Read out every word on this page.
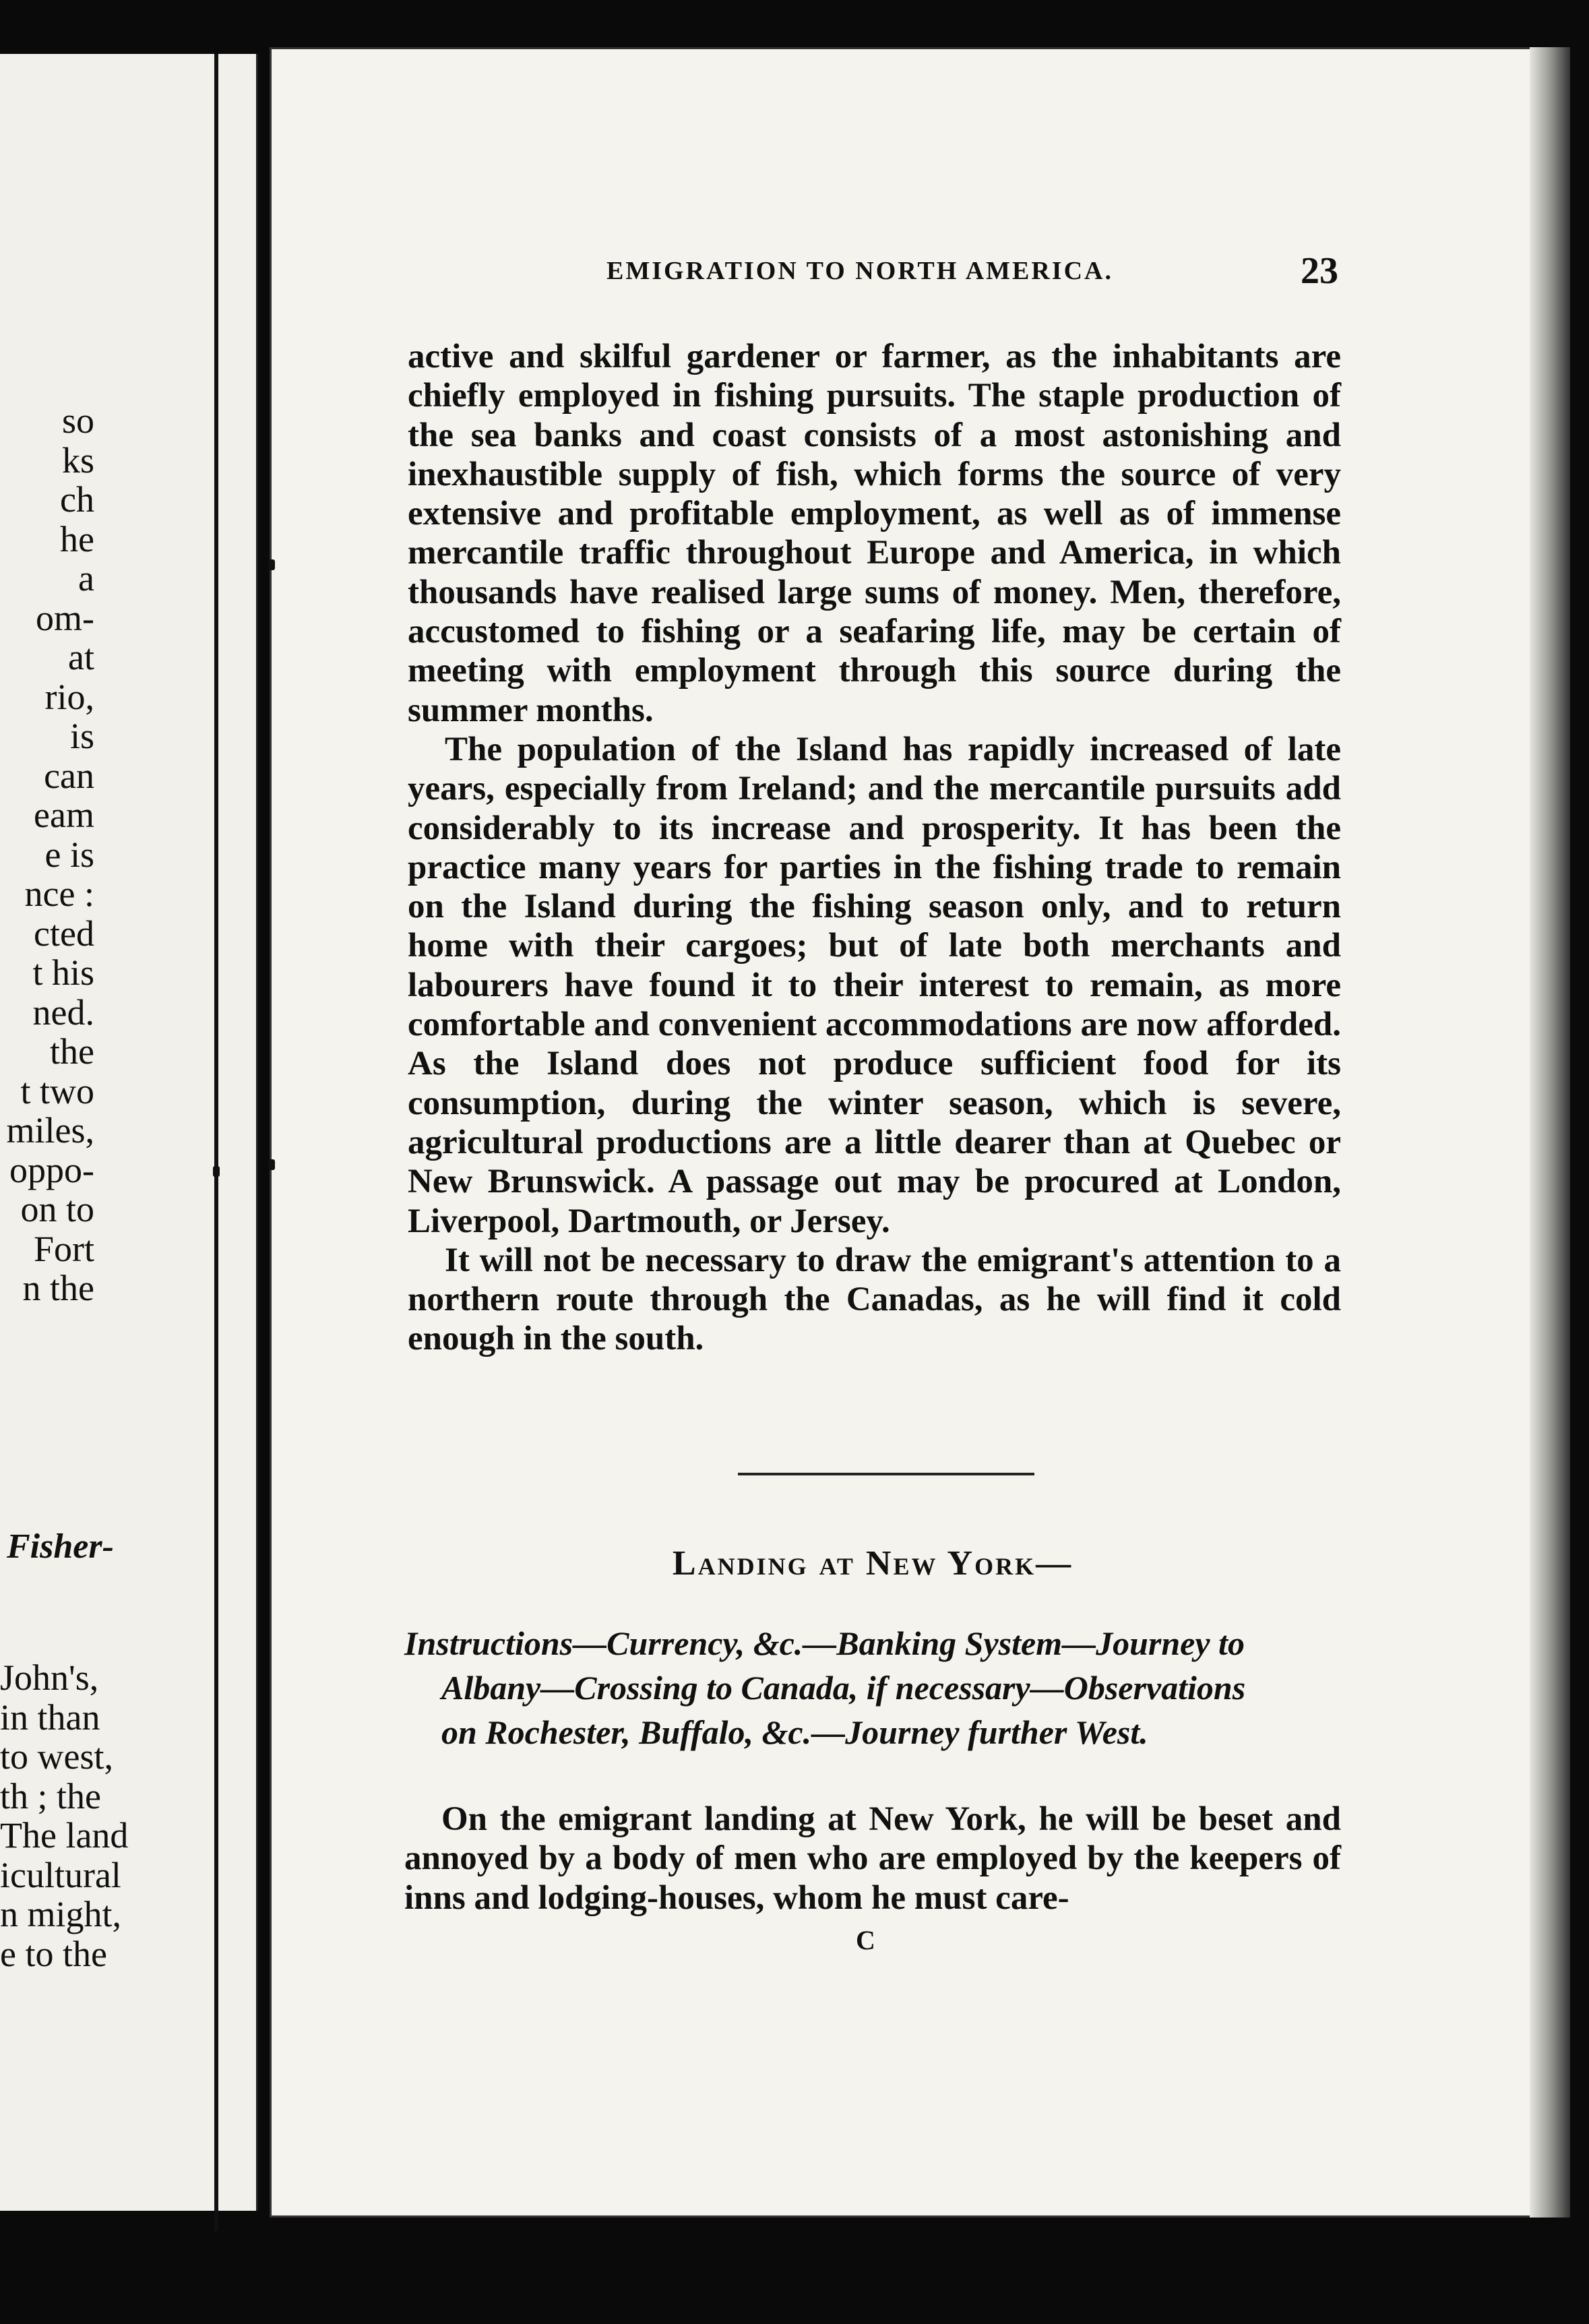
so
ks
ch
he
a
om-
at
rio,
is
can
eam
e is
nce :
cted
t his
ned.
the
t two
miles,
oppo-
on to
Fort
n the
Fisher-
John's,
in than
to west,
th ; the
The land
icultural
n might,
e to the
EMIGRATION TO NORTH AMERICA.	23

active and skilful gardener or farmer, as the inhabitants are chiefly employed in fishing pursuits. The staple production of the sea banks and coast consists of a most astonishing and inexhaustible supply of fish, which forms the source of very extensive and profitable employment, as well as of immense mercantile traffic throughout Europe and America, in which thousands have realised large sums of money. Men, therefore, accustomed to fishing or a seafaring life, may be certain of meeting with employment through this source during the summer months.

The population of the Island has rapidly increased of late years, especially from Ireland; and the mercantile pursuits add considerably to its increase and prosperity. It has been the practice many years for parties in the fishing trade to remain on the Island during the fishing season only, and to return home with their cargoes; but of late both merchants and labourers have found it to their interest to remain, as more comfortable and convenient accommodations are now afforded. As the Island does not produce sufficient food for its consumption, during the winter season, which is severe, agricultural productions are a little dearer than at Quebec or New Brunswick. A passage out may be procured at London, Liverpool, Dartmouth, or Jersey.

It will not be necessary to draw the emigrant's attention to a northern route through the Canadas, as he will find it cold enough in the south.

Landing at New York—
Instructions—Currency, &c.—Banking System—Journey to
Albany—Crossing to Canada, if necessary—Observations
on Rochester, Buffalo, &c.—Journey further West.

On the emigrant landing at New York, he will be beset and annoyed by a body of men who are employed by the keepers of inns and lodging-houses, whom he must care-

C
